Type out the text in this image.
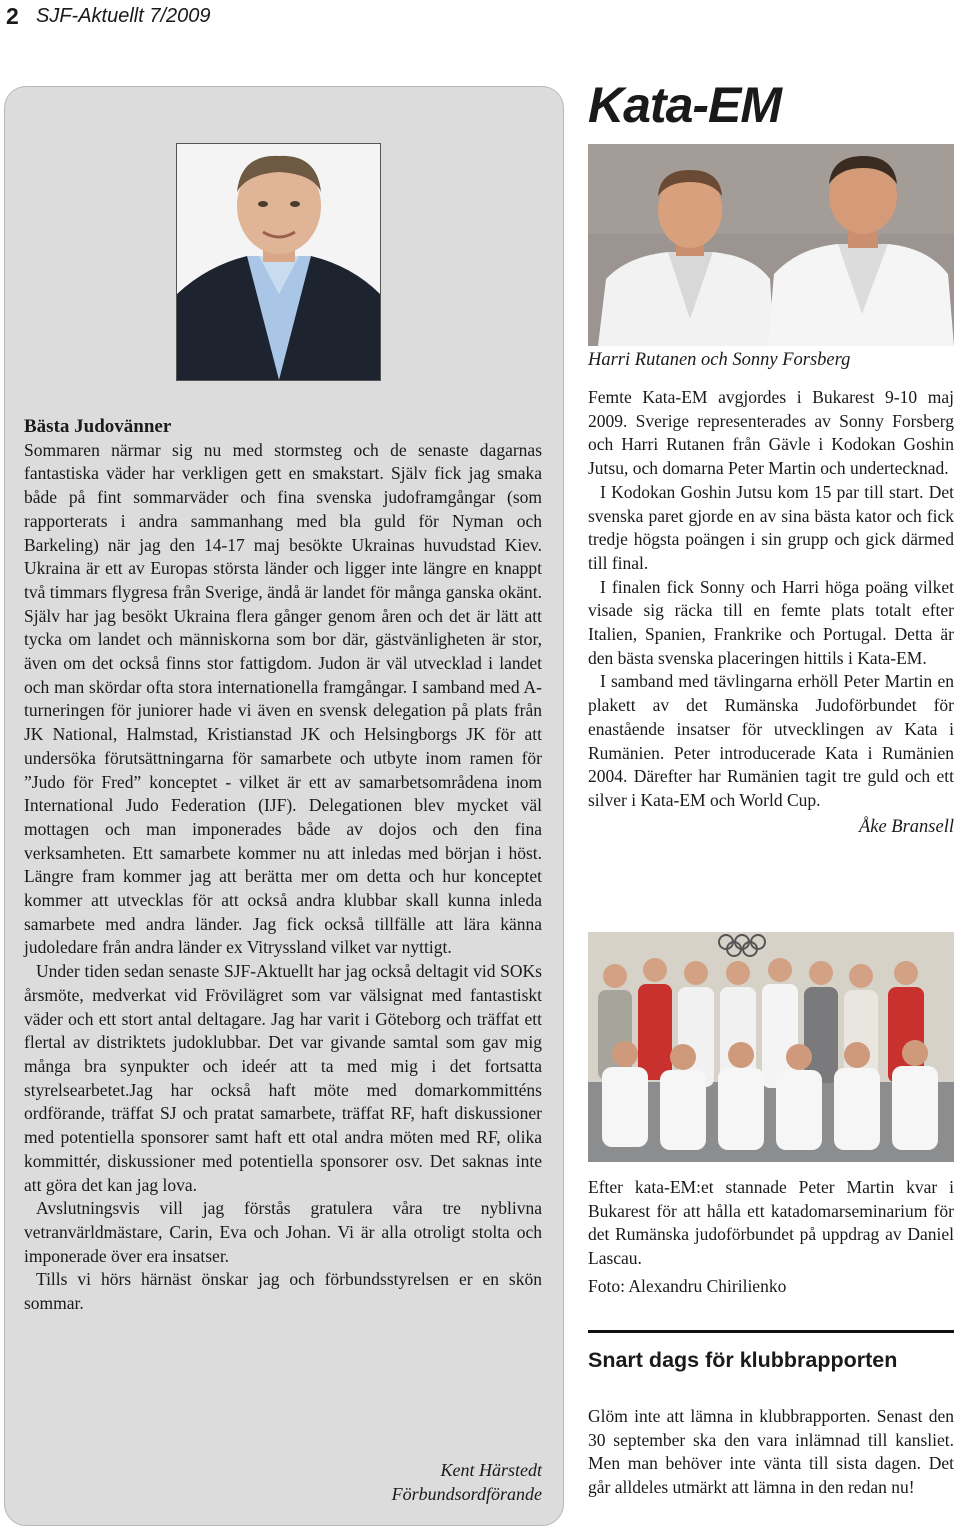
2 SJF-Aktuellt 7/2009

Bästa Judovänner

Sommaren närmar sig nu med stormsteg och de senaste dagarnas fantastiska väder har verkligen gett en smakstart. Själv fick jag smaka både på fint sommarväder och fina svenska judoframgångar (som rapporterats i andra sammanhang med bla guld för Nyman och Barkeling) när jag den 14-17 maj besökte Ukrainas huvudstad Kiev. Ukraina är ett av Europas största länder och ligger inte längre en knappt två timmars flygresa från Sverige, ändå är landet för många ganska okänt. Själv har jag besökt Ukraina flera gånger genom åren och det är lätt att tycka om landet och människorna som bor där, gästvänligheten är stor, även om det också finns stor fattigdom. Judon är väl utvecklad i landet och man skördar ofta stora internationella framgångar. I samband med A-turneringen för juniorer hade vi även en svensk delegation på plats från JK National, Halmstad, Kristianstad JK och Helsingborgs JK för att undersöka förutsättningarna för samarbete och utbyte inom ramen för ”Judo för Fred” konceptet - vilket är ett av samarbetsområdena inom International Judo Federation (IJF). Delegationen blev mycket väl mottagen och man imponerades både av dojos och den fina verksamheten. Ett samarbete kommer nu att inledas med början i höst. Längre fram kommer jag att berätta mer om detta och hur konceptet kommer att utvecklas för att också andra klubbar skall kunna inleda samarbete med andra länder. Jag fick också tillfälle att lära känna judoledare från andra länder ex Vitryssland vilket var nyttigt.

Under tiden sedan senaste SJF-Aktuellt har jag också deltagit vid SOKs årsmöte, medverkat vid Frövilägret som var välsignat med fantastiskt väder och ett stort antal deltagare. Jag har varit i Göteborg och träffat ett flertal av distriktets judoklubbar. Det var givande samtal som gav mig många bra synpukter och ideér att ta med mig i det fortsatta styrelsearbetet.Jag har också haft möte med domarkommitténs ordförande, träffat SJ och pratat samarbete, träffat RF, haft diskussioner med potentiella sponsorer samt haft ett otal andra möten med RF, olika kommittér, diskussioner med potentiella sponsorer osv. Det saknas inte att göra det kan jag lova.

Avslutningsvis vill jag förstås gratulera våra tre nyblivna vetranvärldmästare, Carin, Eva och Johan. Vi är alla otroligt stolta och imponerade över era insatser.

Tills vi hörs härnäst önskar jag och förbundsstyrelsen er en skön sommar.

Kent Härstedt
Förbundsordförande
Kata-EM
Harri Rutanen och Sonny Forsberg

Femte Kata-EM avgjordes i Bukarest 9-10 maj 2009. Sverige representerades av Sonny Forsberg och Harri Rutanen från Gävle i Kodokan Goshin Jutsu, och domarna Peter Martin och undertecknad.

I Kodokan Goshin Jutsu kom 15 par till start. Det svenska paret gjorde en av sina bästa kator och fick tredje högsta poängen i sin grupp och gick därmed till final.

I finalen fick Sonny och Harri höga poäng vilket visade sig räcka till en femte plats totalt efter Italien, Spanien, Frankrike och Portugal. Detta är den bästa svenska placeringen hittils i Kata-EM.

I samband med tävlingarna erhöll Peter Martin en plakett av det Rumänska Judoförbundet för enastående insatser för utvecklingen av Kata i Rumänien. Peter introducerade Kata i Rumänien 2004. Därefter har Rumänien tagit tre guld och ett silver i Kata-EM och World Cup.

Åke Bransell

Efter kata-EM:et stannade Peter Martin kvar i Bukarest för att hålla ett katadomarseminarium för det Rumänska judoförbundet på uppdrag av Daniel Lascau.

Foto: Alexandru Chirilienko

Snart dags för klubbrapporten

Glöm inte att lämna in klubbrapporten. Senast den 30 september ska den vara inlämnad till kansliet. Men man behöver inte vänta till sista dagen. Det går alldeles utmärkt att lämna in den redan nu!
